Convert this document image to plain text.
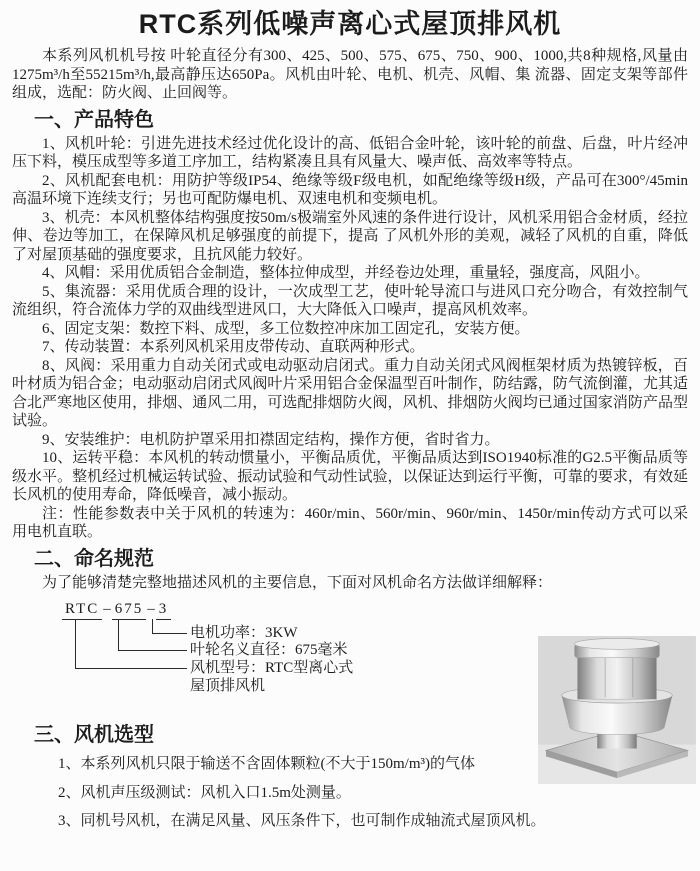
RTC系列低噪声离心式屋顶排风机

本系列风机机号按 叶轮直径分有300、425、500、575、675、750、900、1000,共8种规格,风量由1275m³/h至55215m³/h,最高静压达650Pa。风机由叶轮、电机、机壳、风帽、集 流器、固定支架等部件组成，选配：防火阀、止回阀等。

一、产品特色

1、风机叶轮：引进先进技术经过优化设计的高、低铝合金叶轮，该叶轮的前盘、后盘，叶片经冲压下料，模压成型等多道工序加工，结构紧凑且具有风量大、噪声低、高效率等特点。

2、风机配套电机：用防护等级IP54、绝缘等级F级电机，如配绝缘等级H级，产品可在300°/45min高温环境下连续支行；另也可配防爆电机、双速电机和变频电机。

3、机壳：本风机整体结构强度按50m/s极端室外风速的条件进行设计，风机采用铝合金材质，经拉伸、卷边等加工，在保障风机足够强度的前提下，提高 了风机外形的美观，减轻了风机的自重，降低了对屋顶基础的强度要求，且抗风能力较好。

4、风帽：采用优质铝合金制造，整体拉伸成型，并经卷边处理，重量轻，强度高，风阻小。

5、集流器：采用优质合理的设计，一次成型工艺，使叶轮导流口与进风口充分吻合，有效控制气流组织，符合流体力学的双曲线型进风口，大大降低入口噪声，提高风机效率。

6、固定支架：数控下料、成型，多工位数控冲床加工固定孔，安装方便。

7、传动装置：本系列风机采用皮带传动、直联两种形式。

8、风阀：采用重力自动关闭式或电动驱动启闭式。重力自动关闭式风阀框架材质为热镀锌板，百叶材质为铝合金；电动驱动启闭式风阀叶片采用铝合金保温型百叶制作，防结露，防气流倒灌，尤其适合北严寒地区使用，排烟、通风二用，可选配排烟防火阀，风机、排烟防火阀均已通过国家消防产品型试验。

9、安装维护：电机防护罩采用扣襟固定结构，操作方便，省时省力。

10、运转平稳：本风机的转动惯量小，平衡品质优，平衡品质达到ISO1940标准的G2.5平衡品质等级水平。整机经过机械运转试验、振动试验和气动性试验，以保证达到运行平衡，可靠的要求，有效延长风机的使用寿命，降低噪音，减小振动。

注：性能参数表中关于风机的转速为：460r/min、560r/min、960r/min、1450r/min传动方式可以采用电机直联。

二、命名规范

为了能够清楚完整地描述风机的主要信息，下面对风机命名方法做详细解释：

RTC – 675 – 3
电机功率：3KW
叶轮名义直径：675毫米
风机型号：RTC型离心式
屋顶排风机
三、风机选型

1、本系列风机只限于输送不含固体颗粒(不大于150m/m³)的气体

2、风机声压级测试：风机入口1.5m处测量。

3、同机号风机，在满足风量、风压条件下，也可制作成轴流式屋顶风机。
